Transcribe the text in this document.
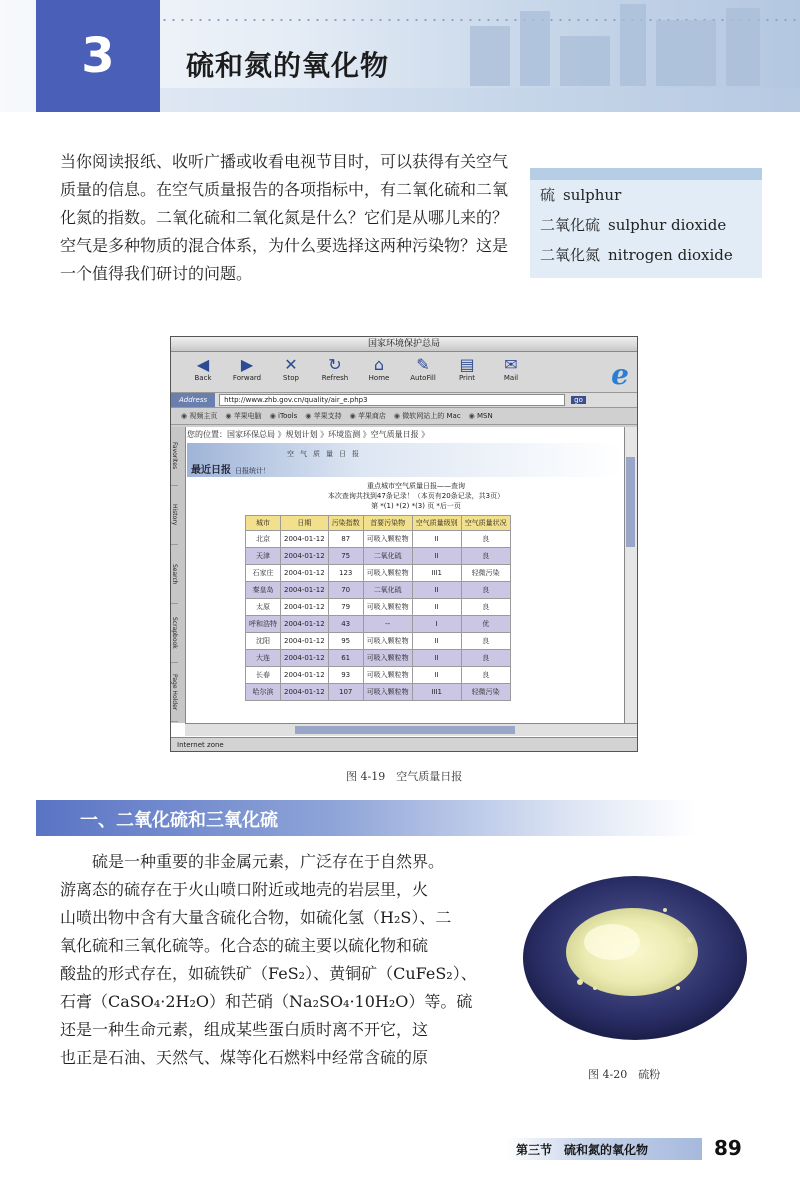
3	硫和氮的氧化物
当你阅读报纸、收听广播或收看电视节目时，可以获得有关空气质量的信息。在空气质量报告的各项指标中，有二氧化硫和二氧化氮的指数。二氧化硫和二氧化氮是什么？它们是从哪儿来的？空气是多种物质的混合体系，为什么要选择这两种污染物？这是一个值得我们研讨的问题。
硫 sulphur
二氧化硫 sulphur dioxide
二氧化氮 nitrogen dioxide
国家环境保护总局
◀
Back
▶
Forward
✕
Stop
↻
Refresh
⌂
Home
✎
AutoFill
▤
Print
✉
Mail	e
Address	http://www.zhb.gov.cn/quality/air_e.php3	go
◉ 视频主页	◉ 苹果电脑	◉ iTools	◉ 苹果支持	◉ 苹果商店	◉ 微软网站上的 Mac	◉ MSN
Favorites
History
Search
Scrapbook
Page Holder
您的位置：国家环保总局 》规划计划 》环境监测 》空气质量日报 》
空气质量日报
最近日报 日报统计！
重点城市空气质量日报——查询
本次查询共找到47条记录！（本页有20条记录，共3页）
第 *(1) *(2) *(3) 页 *后一页
城市	日期	污染指数	首要污染物	空气质量级别	空气质量状况
北京	2004-01-12	87	可吸入颗粒物	II	良
天津	2004-01-12	75	二氧化硫	II	良
石家庄	2004-01-12	123	可吸入颗粒物	III1	轻微污染
秦皇岛	2004-01-12	70	二氧化硫	II	良
太原	2004-01-12	79	可吸入颗粒物	II	良
呼和浩特	2004-01-12	43	--	I	优
沈阳	2004-01-12	95	可吸入颗粒物	II	良
大连	2004-01-12	61	可吸入颗粒物	II	良
长春	2004-01-12	93	可吸入颗粒物	II	良
哈尔滨	2004-01-12	107	可吸入颗粒物	III1	轻微污染
Internet zone
图 4-19　空气质量日报
一、二氧化硫和三氧化硫
硫是一种重要的非金属元素，广泛存在于自然界。
游离态的硫存在于火山喷口附近或地壳的岩层里，火
山喷出物中含有大量含硫化合物，如硫化氢（H₂S）、二
氧化硫和三氧化硫等。化合态的硫主要以硫化物和硫
酸盐的形式存在，如硫铁矿（FeS₂）、黄铜矿（CuFeS₂）、
石膏（CaSO₄·2H₂O）和芒硝（Na₂SO₄·10H₂O）等。硫
还是一种生命元素，组成某些蛋白质时离不开它，这
也正是石油、天然气、煤等化石燃料中经常含硫的原
图 4-20　硫粉
第三节　硫和氮的氧化物	89
